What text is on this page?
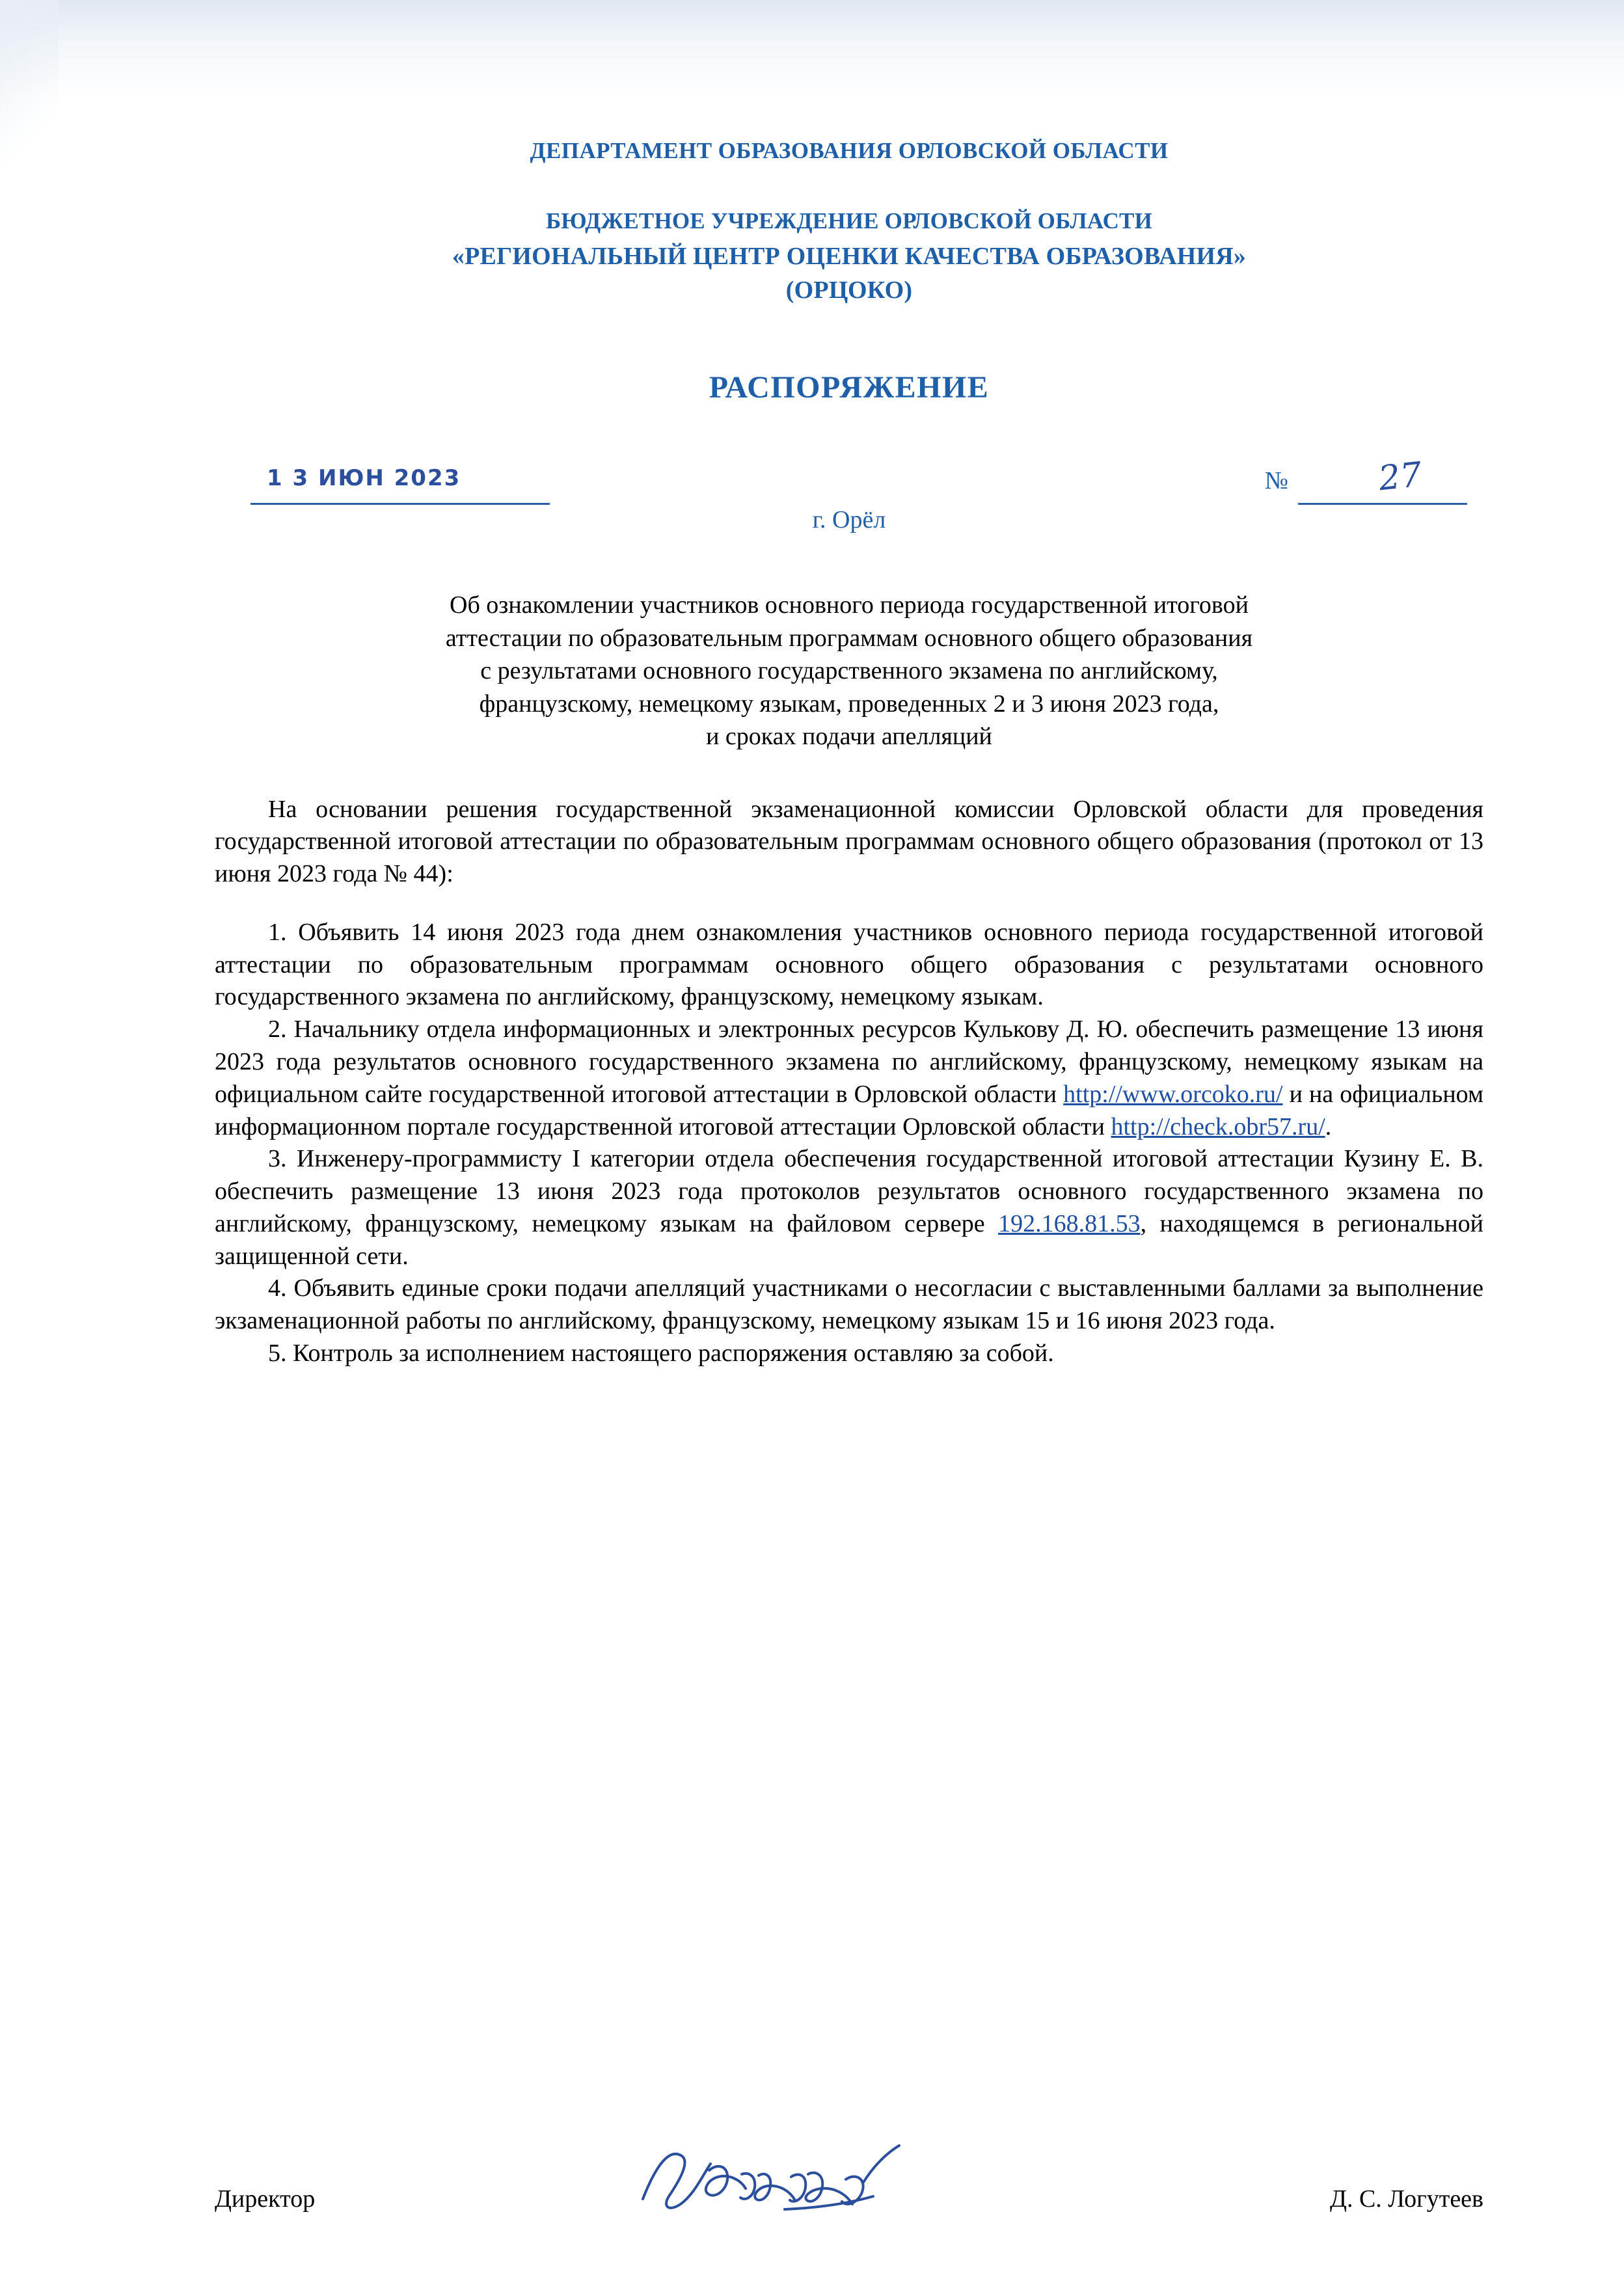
ДЕПАРТАМЕНТ ОБРАЗОВАНИЯ ОРЛОВСКОЙ ОБЛАСТИ
БЮДЖЕТНОЕ УЧРЕЖДЕНИЕ ОРЛОВСКОЙ ОБЛАСТИ
«РЕГИОНАЛЬНЫЙ ЦЕНТР ОЦЕНКИ КАЧЕСТВА ОБРАЗОВАНИЯ»
(ОРЦОКО)
РАСПОРЯЖЕНИЕ
1 3 ИЮН 2023
г. Орёл
№	27
Об ознакомлении участников основного периода государственной итоговой
аттестации по образовательным программам основного общего образования
с результатами основного государственного экзамена по английскому,
французскому, немецкому языкам, проведенных 2 и 3 июня 2023 года,
и сроках подачи апелляций

На основании решения государственной экзаменационной комиссии Орловской области для проведения государственной итоговой аттестации по образовательным программам основного общего образования (протокол от 13 июня 2023 года № 44):

1. Объявить 14 июня 2023 года днем ознакомления участников основного периода государственной итоговой аттестации по образовательным программам основного общего образования с результатами основного государственного экзамена по английскому, французскому, немецкому языкам.

2. Начальнику отдела информационных и электронных ресурсов Кулькову Д. Ю. обеспечить размещение 13 июня 2023 года результатов основного государственного экзамена по английскому, французскому, немецкому языкам на официальном сайте государственной итоговой аттестации в Орловской области http://www.orcoko.ru/ и на официальном информационном портале государственной итоговой аттестации Орловской области http://check.obr57.ru/.

3. Инженеру-программисту I категории отдела обеспечения государственной итоговой аттестации Кузину Е. В. обеспечить размещение 13 июня 2023 года протоколов результатов основного государственного экзамена по английскому, французскому, немецкому языкам на файловом сервере 192.168.81.53, находящемся в региональной защищенной сети.

4. Объявить единые сроки подачи апелляций участниками о несогласии с выставленными баллами за выполнение экзаменационной работы по английскому, французскому, немецкому языкам 15 и 16 июня 2023 года.

5. Контроль за исполнением настоящего распоряжения оставляю за собой.

Директор	Д. С. Логутеев
